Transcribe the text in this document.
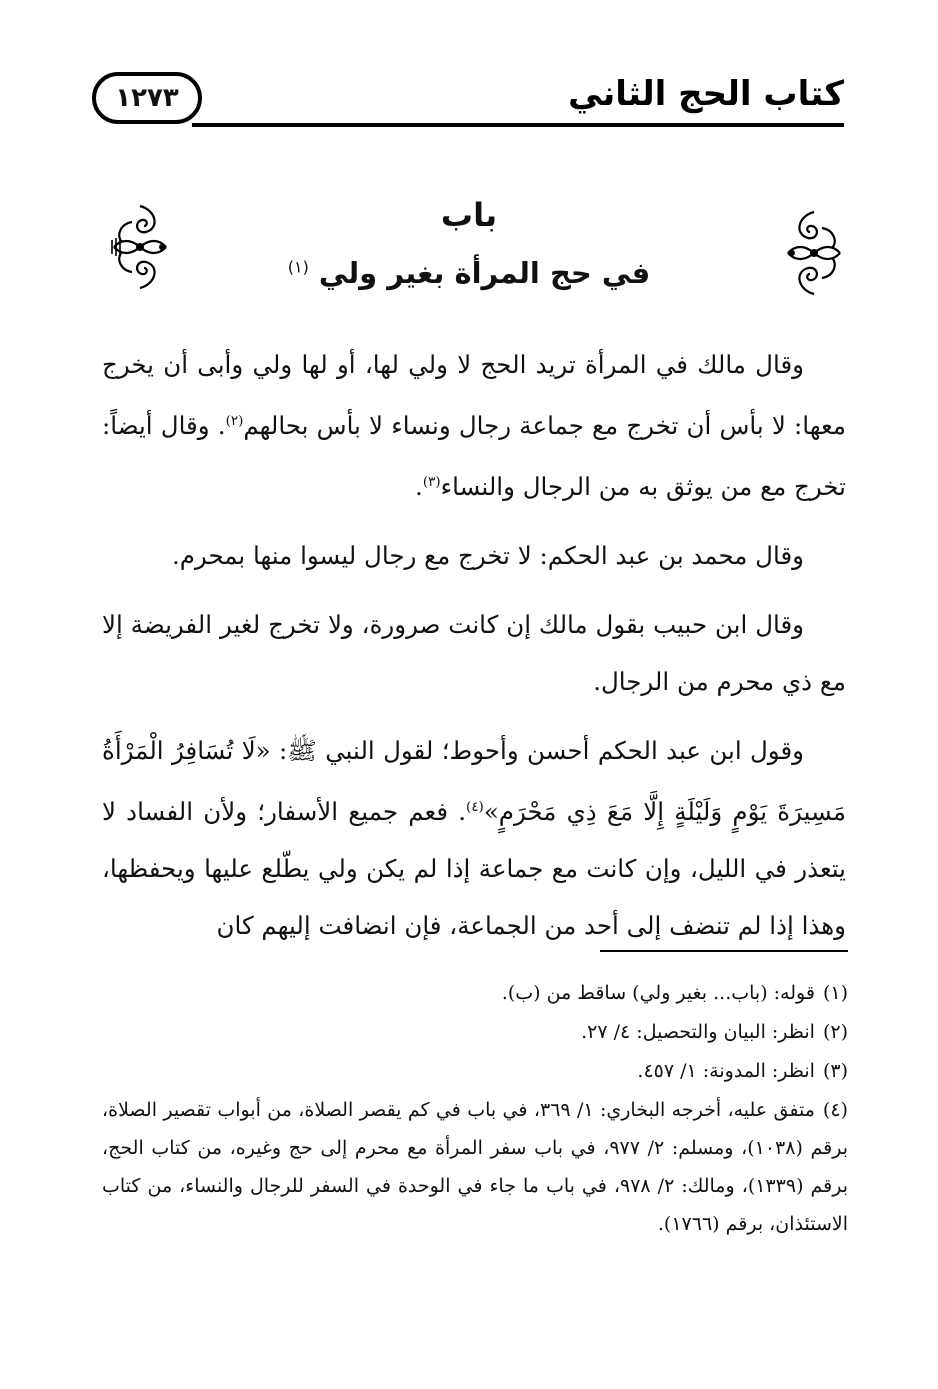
كتاب الحج الثاني
١٢٧٣
باب
في حج المرأة بغير ولي $^{(١)}$

وقال مالك في المرأة تريد الحج لا ولي لها، أو لها ولي وأبى أن يخرج معها: لا بأس أن تخرج مع جماعة رجال ونساء لا بأس بحالهم$^{(٢)}$. وقال أيضاً: تخرج مع من يوثق به من الرجال والنساء$^{(٣)}$.

وقال محمد بن عبد الحكم: لا تخرج مع رجال ليسوا منها بمحرم.

وقال ابن حبيب بقول مالك إن كانت صرورة، ولا تخرج لغير الفريضة إلا مع ذي محرم من الرجال.

وقول ابن عبد الحكم أحسن وأحوط؛ لقول النبي ﷺ: «لَا تُسَافِرُ الْمَرْأَةُ مَسِيرَةَ يَوْمٍ وَلَيْلَةٍ إِلَّا مَعَ ذِي مَحْرَمٍ»$^{(٤)}$. فعم جميع الأسفار؛ ولأن الفساد لا يتعذر في الليل، وإن كانت مع جماعة إذا لم يكن ولي يطّلع عليها ويحفظها، وهذا إذا لم تنضف إلى أحد من الجماعة، فإن انضافت إليهم كان

(١)قوله: (باب... بغير ولي) ساقط من (ب).

(٢)انظر: البيان والتحصيل: ٤/ ٢٧.

(٣)انظر: المدونة: ١/ ٤٥٧.

(٤)متفق عليه، أخرجه البخاري: ١/ ٣٦٩، في باب في كم يقصر الصلاة، من أبواب تقصير الصلاة، برقم (١٠٣٨)، ومسلم: ٢/ ٩٧٧، في باب سفر المرأة مع محرم إلى حج وغيره، من كتاب الحج، برقم (١٣٣٩)، ومالك: ٢/ ٩٧٨، في باب ما جاء في الوحدة في السفر للرجال والنساء، من كتاب الاستئذان، برقم (١٧٦٦).
